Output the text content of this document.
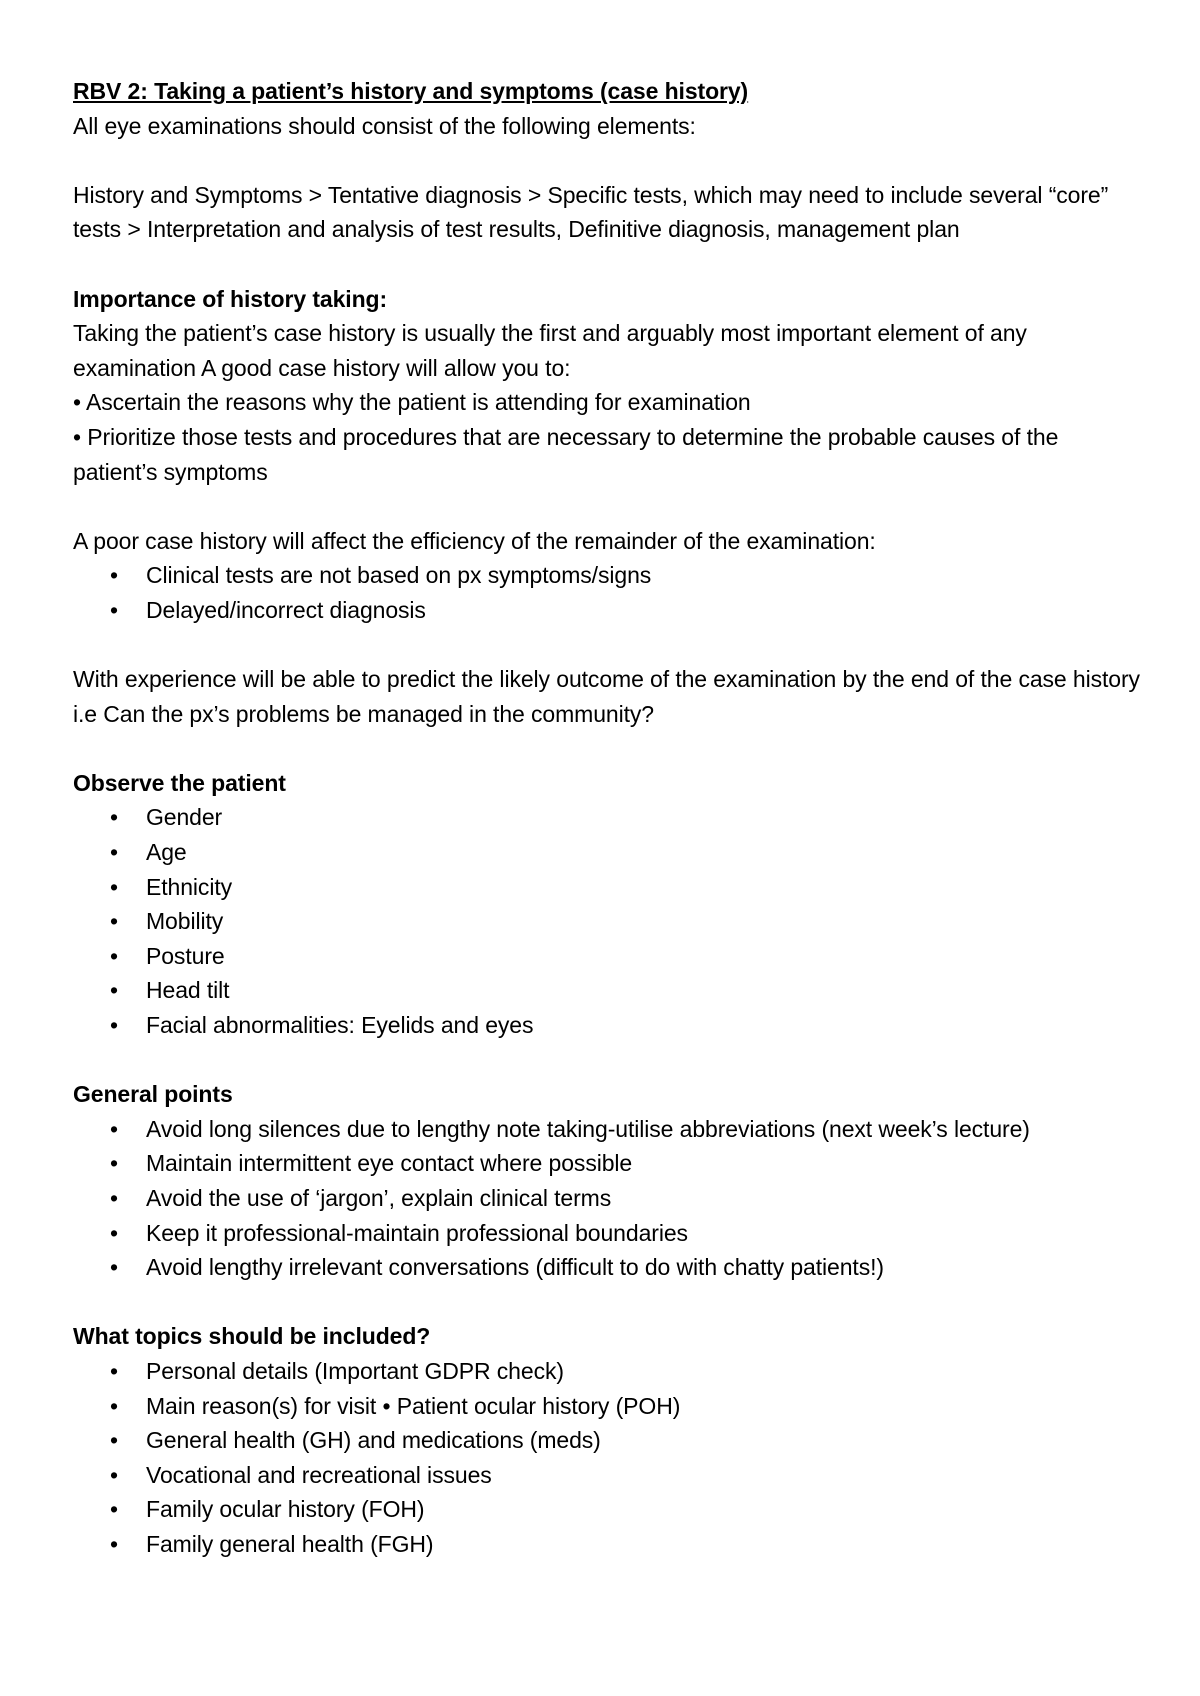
RBV 2: Taking a patient’s history and symptoms (case history)

All eye examinations should consist of the following elements:

History and Symptoms > Tentative diagnosis > Specific tests, which may need to include several “core” tests > Interpretation and analysis of test results, Definitive diagnosis, management plan

Importance of history taking:

Taking the patient’s case history is usually the first and arguably most important element of any examination A good case history will allow you to:

• Ascertain the reasons why the patient is attending for examination

• Prioritize those tests and procedures that are necessary to determine the probable causes of the patient’s symptoms

A poor case history will affect the efficiency of the remainder of the examination:

• Clinical tests are not based on px symptoms/signs
• Delayed/incorrect diagnosis

With experience will be able to predict the likely outcome of the examination by the end of the case history i.e Can the px’s problems be managed in the community?

Observe the patient

• Gender
• Age
• Ethnicity
• Mobility
• Posture
• Head tilt
• Facial abnormalities: Eyelids and eyes

General points

• Avoid long silences due to lengthy note taking-utilise abbreviations (next week’s lecture)
• Maintain intermittent eye contact where possible
• Avoid the use of ‘jargon’, explain clinical terms
• Keep it professional-maintain professional boundaries
• Avoid lengthy irrelevant conversations (difficult to do with chatty patients!)

What topics should be included?

• Personal details (Important GDPR check)
• Main reason(s) for visit • Patient ocular history (POH)
• General health (GH) and medications (meds)
• Vocational and recreational issues
• Family ocular history (FOH)
• Family general health (FGH)
